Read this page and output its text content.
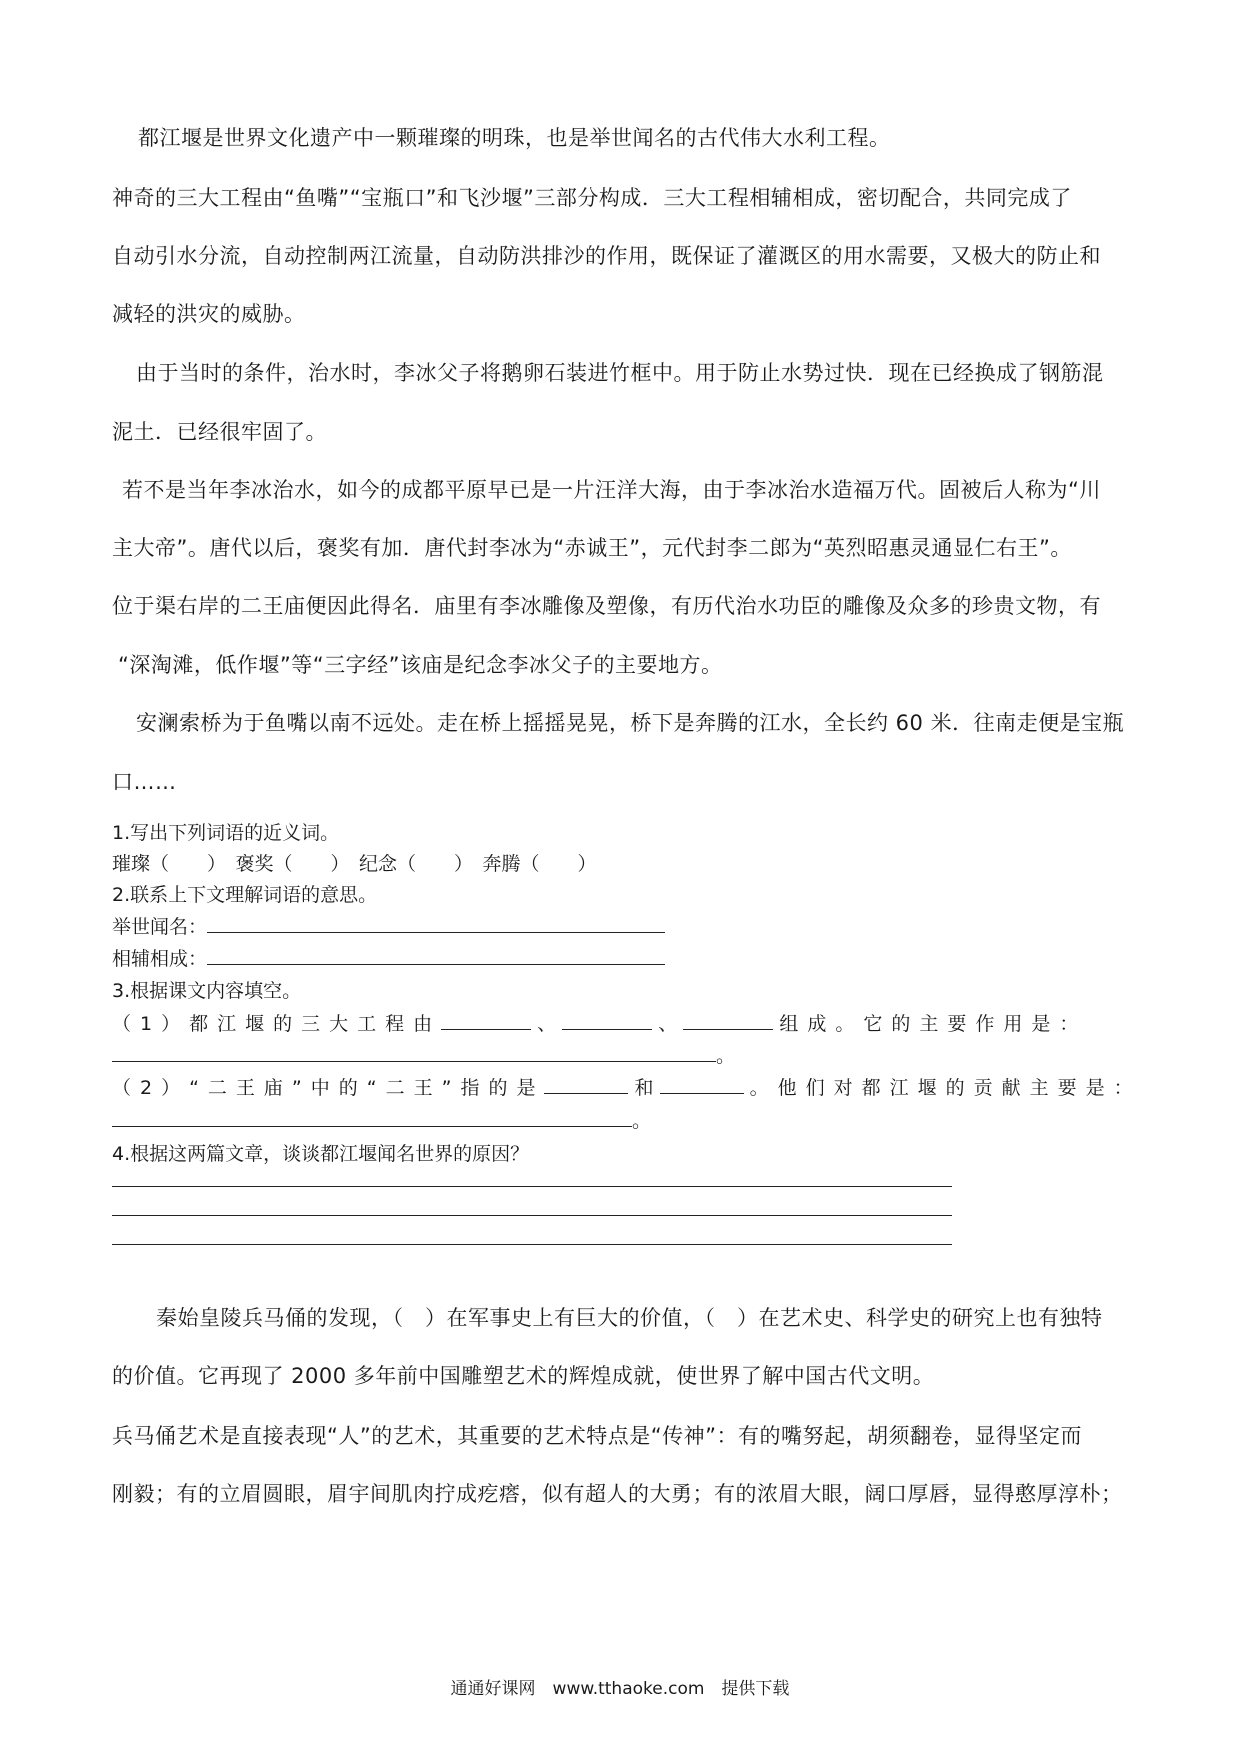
都江堰是世界文化遗产中一颗璀璨的明珠，也是举世闻名的古代伟大水利工程。
神奇的三大工程由“鱼嘴”“宝瓶口”和飞沙堰”三部分构成．三大工程相辅相成，密切配合，共同完成了
自动引水分流，自动控制两江流量，自动防洪排沙的作用，既保证了灌溉区的用水需要，又极大的防止和
减轻的洪灾的威胁。
由于当时的条件，治水时，李冰父子将鹅卵石装进竹框中。用于防止水势过快．现在已经换成了钢筋混
泥土．已经很牢固了。
若不是当年李冰治水，如今的成都平原早已是一片汪洋大海，由于李冰治水造福万代。固被后人称为“川
主大帝”。唐代以后，褒奖有加．唐代封李冰为“赤诚王”，元代封李二郎为“英烈昭惠灵通显仁右王”。
位于渠右岸的二王庙便因此得名．庙里有李冰雕像及塑像，有历代治水功臣的雕像及众多的珍贵文物，有
“深淘滩，低作堰”等“三字经”该庙是纪念李冰父子的主要地方。
安澜索桥为于鱼嘴以南不远处。走在桥上摇摇晃晃，桥下是奔腾的江水，全长约 60 米．往南走便是宝瓶
口……
1.写出下列词语的近义词。
璀璨（　　）　褒奖（　　）　纪念（　　）　奔腾（　　）
2.联系上下文理解词语的意思。
举世闻名：
相辅相成：
3.根据课文内容填空。
（1）都江堰的三大工程由	、	、	组成。它的主要作用是：
。
（2）“二王庙”中的“二王”指的是	和	。他们对都江堰的贡献主要是：
。
4.根据这两篇文章，谈谈都江堰闻名世界的原因？
秦始皇陵兵马俑的发现，（　）在军事史上有巨大的价值，（　）在艺术史、科学史的研究上也有独特
的价值。它再现了 2000 多年前中国雕塑艺术的辉煌成就，使世界了解中国古代文明。
兵马俑艺术是直接表现“人”的艺术，其重要的艺术特点是“传神”：有的嘴努起，胡须翻卷，显得坚定而
刚毅；有的立眉圆眼，眉宇间肌肉拧成疙瘩，似有超人的大勇；有的浓眉大眼，阔口厚唇，显得憨厚淳朴；
通通好课网　www.tthaoke.com　提供下载
